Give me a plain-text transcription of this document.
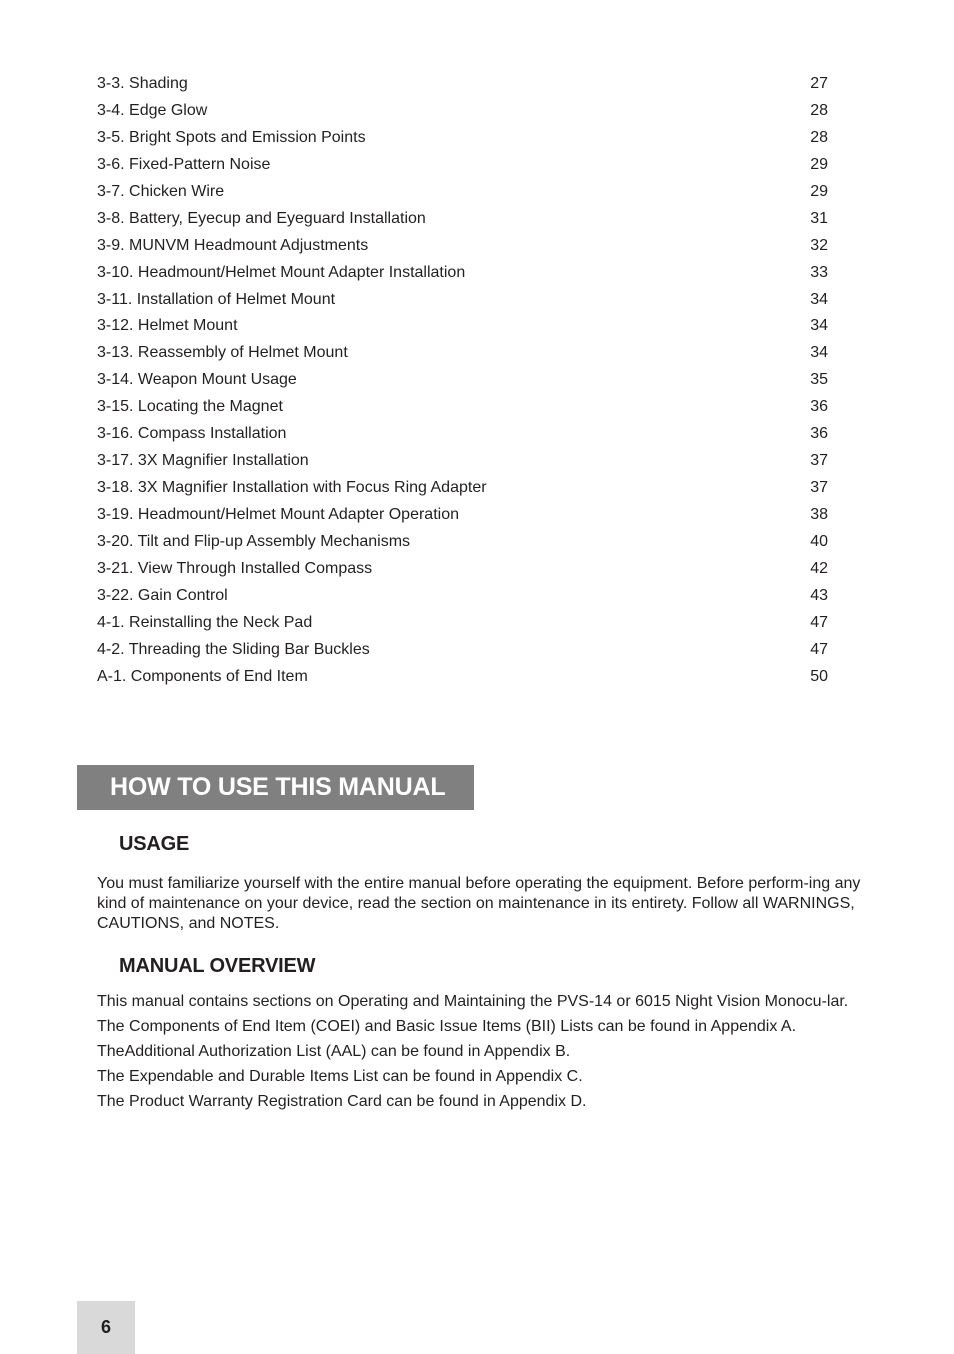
3-3. Shading	27
3-4. Edge Glow	28
3-5. Bright Spots and Emission Points	28
3-6. Fixed-Pattern Noise	29
3-7. Chicken Wire	29
3-8. Battery, Eyecup and Eyeguard Installation	31
3-9. MUNVM Headmount Adjustments	32
3-10. Headmount/Helmet Mount Adapter Installation	33
3-11. Installation of Helmet Mount	34
3-12. Helmet Mount	34
3-13. Reassembly of Helmet Mount	34
3-14. Weapon Mount Usage	35
3-15. Locating the Magnet	36
3-16. Compass Installation	36
3-17. 3X Magnifier Installation	37
3-18. 3X Magnifier Installation with Focus Ring Adapter	37
3-19. Headmount/Helmet Mount Adapter Operation	38
3-20. Tilt and Flip-up Assembly Mechanisms	40
3-21. View Through Installed Compass	42
3-22. Gain Control	43
4-1. Reinstalling the Neck Pad	47
4-2. Threading the Sliding Bar Buckles	47
A-1. Components of End Item	50
HOW TO USE THIS MANUAL
USAGE

You must familiarize yourself with the entire manual before operating the equipment. Before perform-ing any kind of maintenance on your device, read the section on maintenance in its entirety. Follow all WARNINGS, CAUTIONS, and NOTES.

MANUAL OVERVIEW

This manual contains sections on Operating and Maintaining the PVS-14 or 6015 Night Vision Monocu-lar.

The Components of End Item (COEI) and Basic Issue Items (BII) Lists can be found in Appendix A.

TheAdditional Authorization List (AAL) can be found in Appendix B.

The Expendable and Durable Items List can be found in Appendix C.

The Product Warranty Registration Card can be found in Appendix D.

6
